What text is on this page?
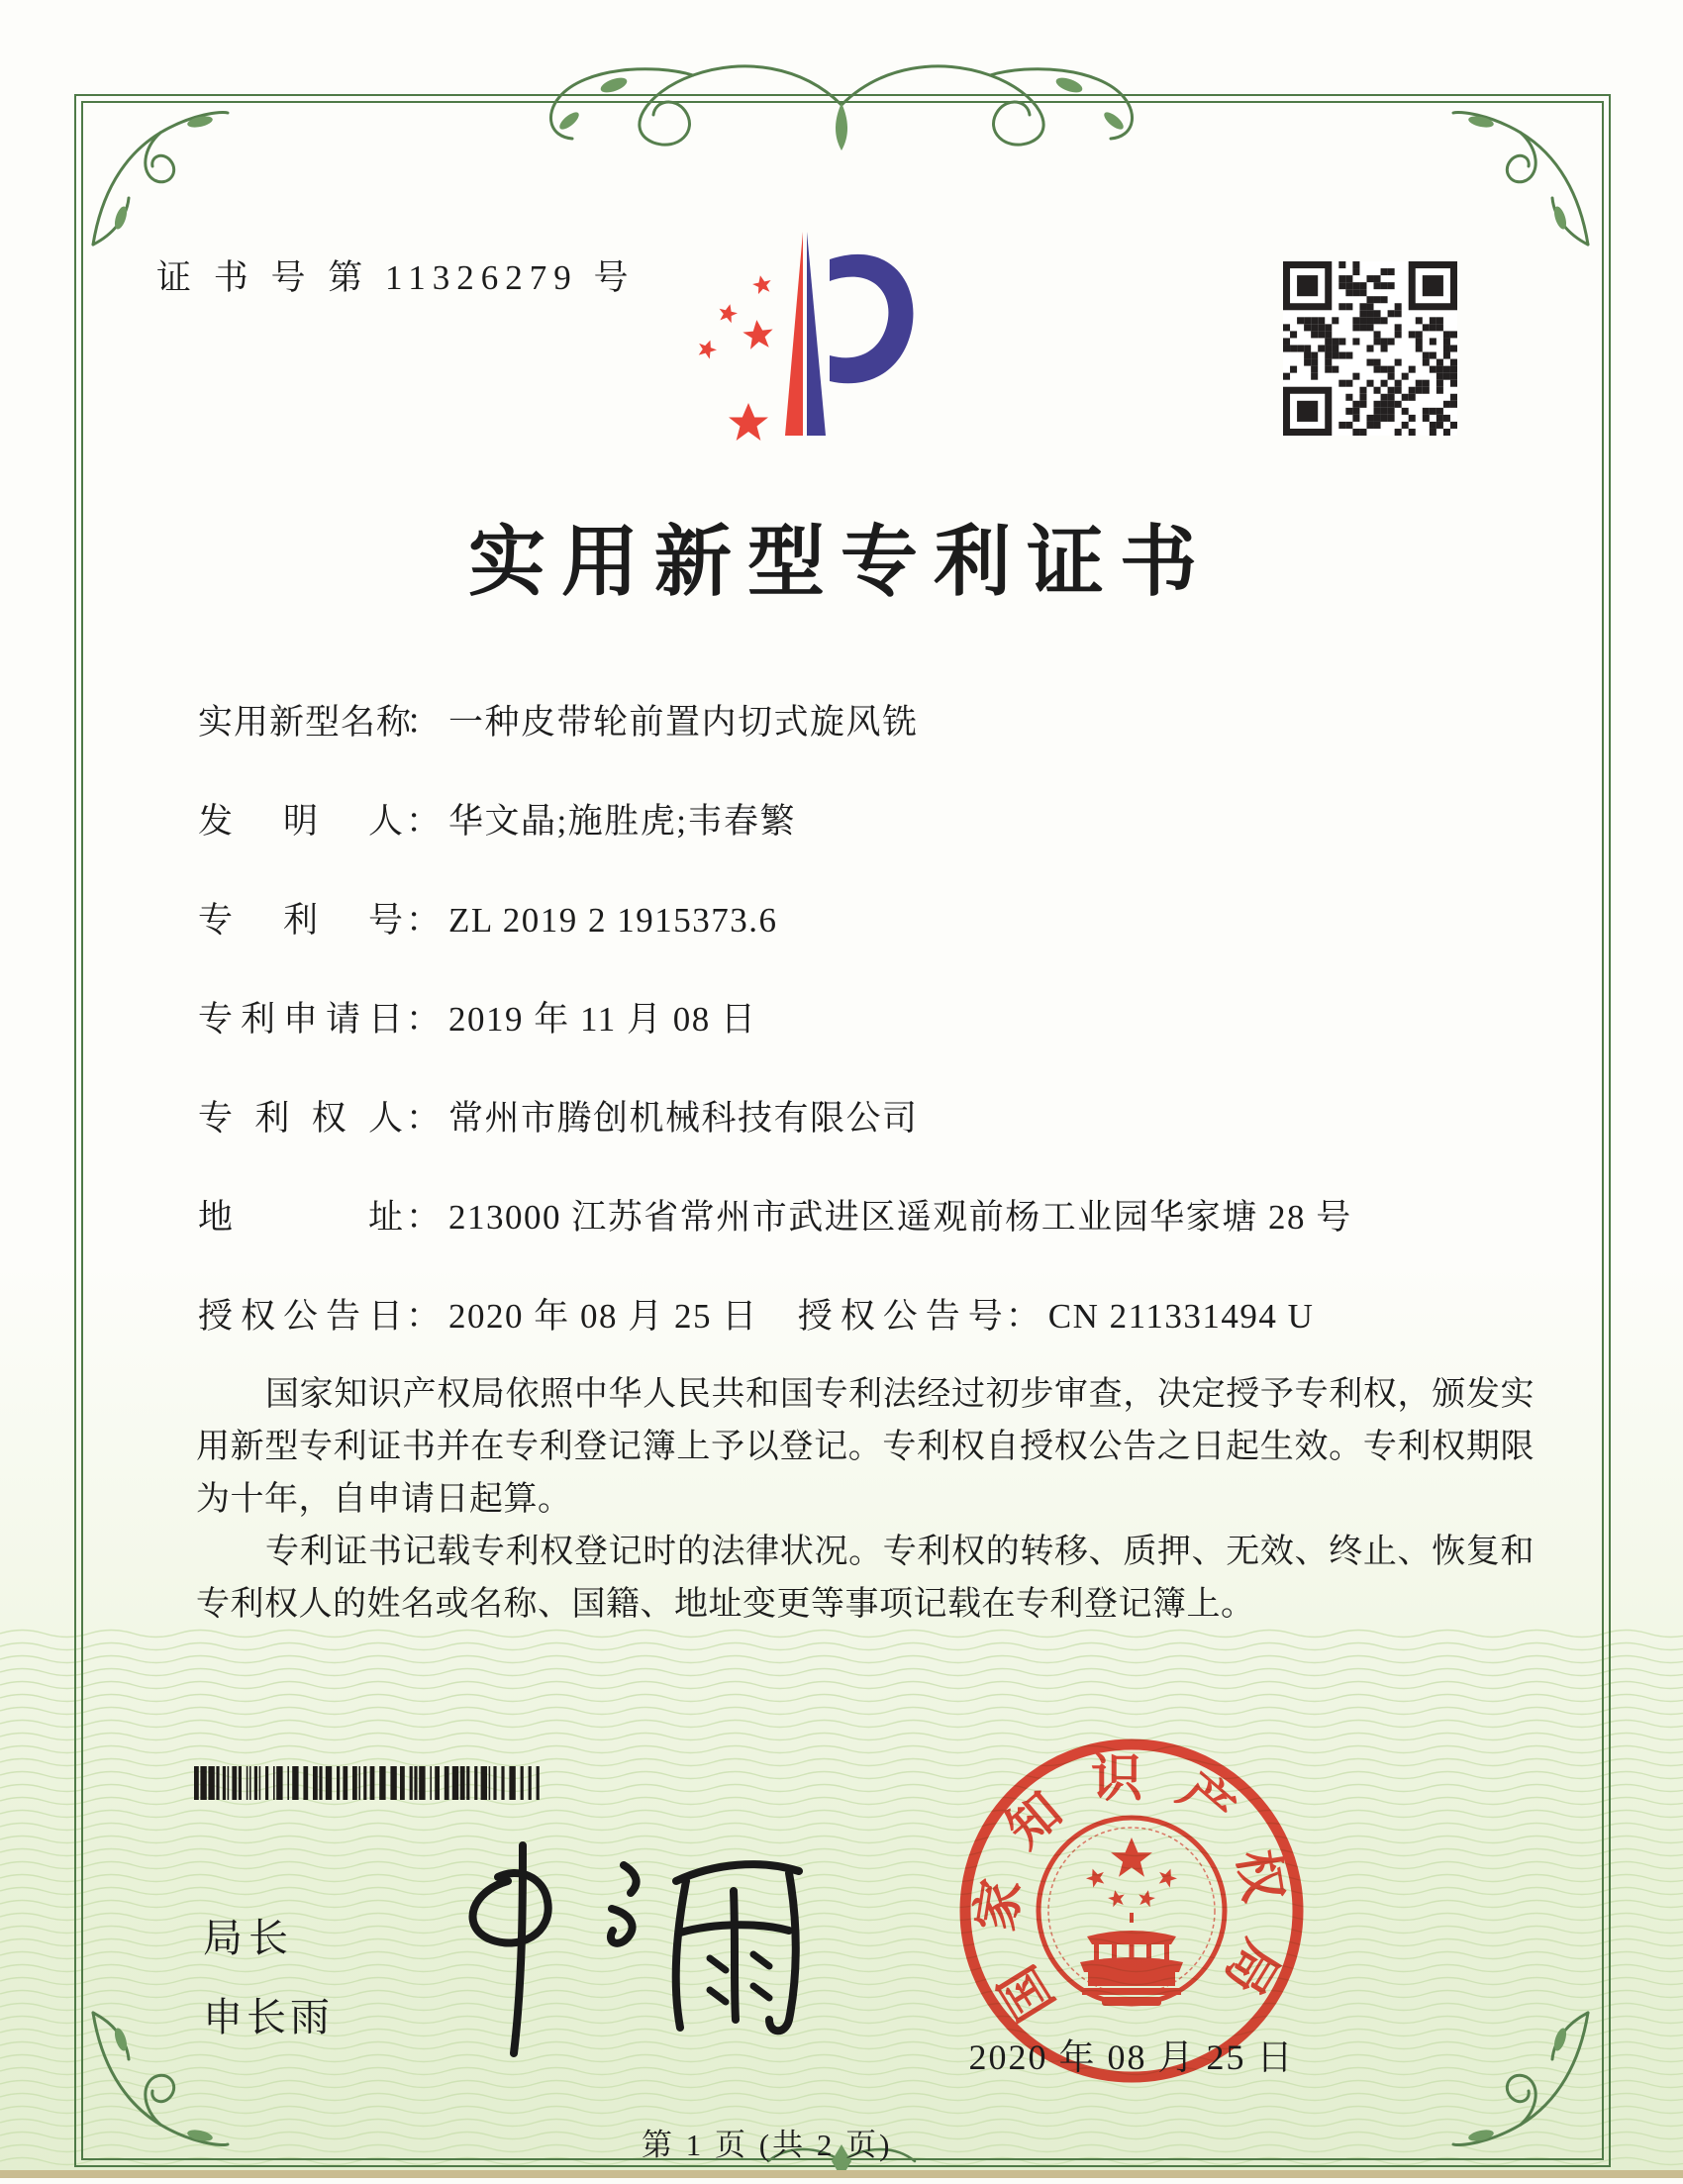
证 书 号 第 11326279 号
实用新型专利证书
实用新型名称： 一种皮带轮前置内切式旋风铣
发明人： 华文晶;施胜虎;韦春繁
专利号： ZL 2019 2 1915373.6
专利申请日： 2019 年 11 月 08 日
专利权人： 常州市腾创机械科技有限公司
地址： 213000 江苏省常州市武进区遥观前杨工业园华家塘 28 号
授权公告日： 2020 年 08 月 25 日 授权公告号： CN 211331494 U

国家知识产权局依照中华人民共和国专利法经过初步审查，决定授予专利权，颁发实用新型专利证书并在专利登记簿上予以登记。专利权自授权公告之日起生效。专利权期限为十年，自申请日起算。

专利证书记载专利权登记时的法律状况。专利权的转移、质押、无效、终止、恢复和专利权人的姓名或名称、国籍、地址变更等事项记载在专利登记簿上。

局长
申长雨	国家知识产权局
2020 年 08 月 25 日
第 1 页 (共 2 页)
